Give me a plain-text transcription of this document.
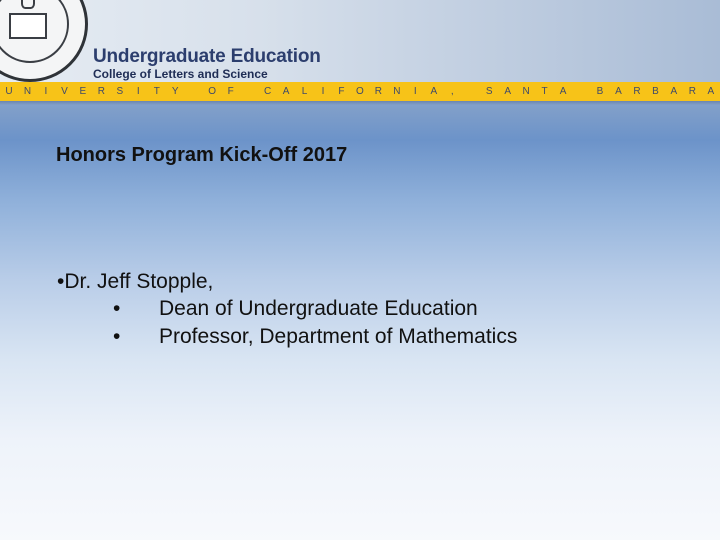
Undergraduate Education
College of Letters and Science
U N	I	V E R S	I	T Y	O F	C A L	I	F O R N	I	A	,	S A N T A	B A R B A R A
Honors Program Kick-Off 2017
•Dr. Jeff Stopple,
• Dean of Undergraduate Education
• Professor, Department of Mathematics
